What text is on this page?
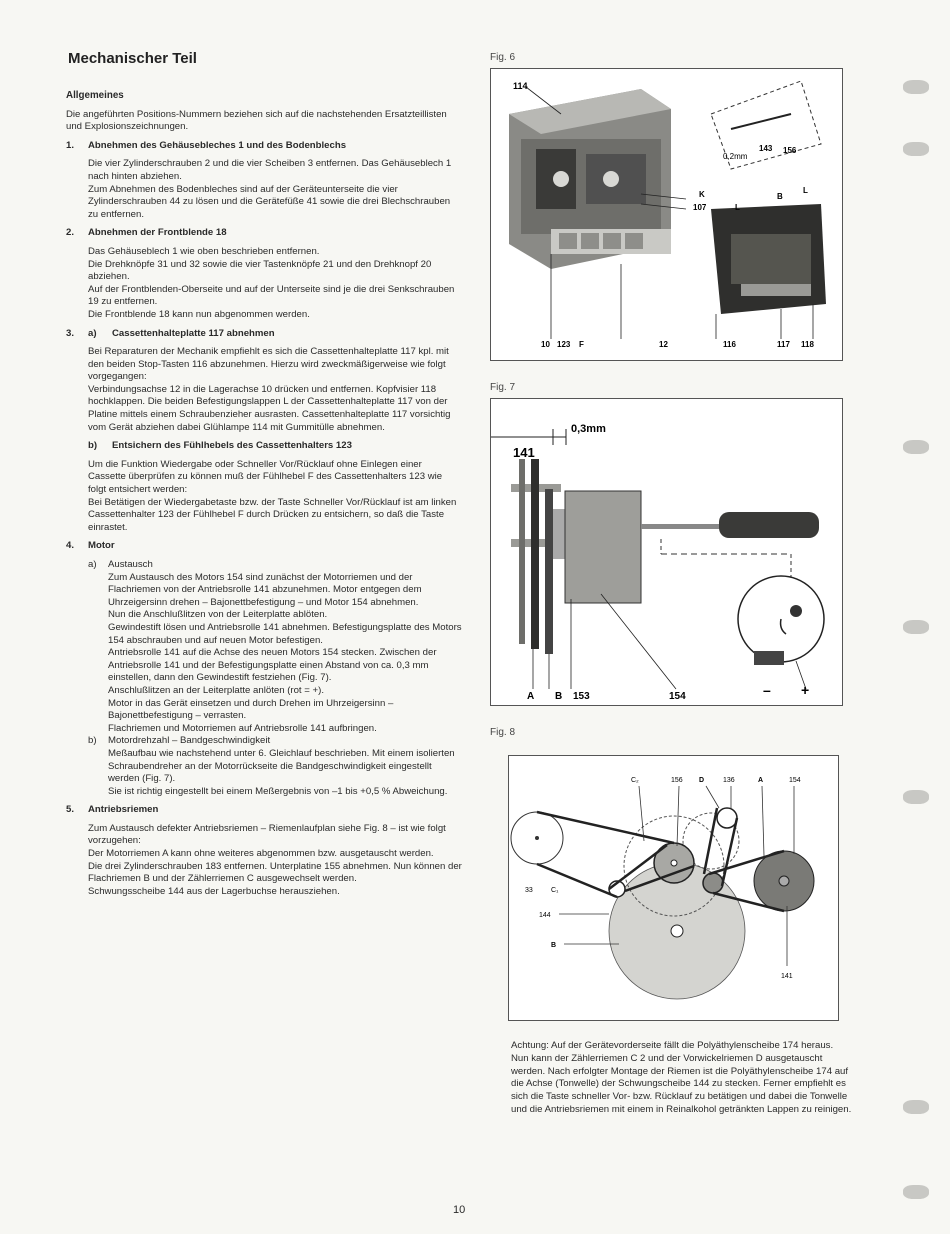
Mechanischer Teil
Allgemeines
Die angeführten Positions-Nummern beziehen sich auf die nachstehenden Ersatzteillisten und Explosionszeichnungen.
1.	Abnehmen des Gehäusebleches 1 und des Bodenblechs

Die vier Zylinderschrauben 2 und die vier Scheiben 3 entfernen. Das Gehäuseblech 1 nach hinten abziehen.

Zum Abnehmen des Bodenbleches sind auf der Geräteunterseite die vier Zylinderschrauben 44 zu lösen und die Gerätefüße 41 sowie die drei Blechschrauben zu entfernen.

2.	Abnehmen der Frontblende 18

Das Gehäuseblech 1 wie oben beschrieben entfernen.

Die Drehknöpfe 31 und 32 sowie die vier Tastenknöpfe 21 und den Drehknopf 20 abziehen.

Auf der Frontblenden-Oberseite und auf der Unterseite sind je die drei Senkschrauben 19 zu entfernen.

Die Frontblende 18 kann nun abgenommen werden.

3.	a)	Cassettenhalteplatte 117 abnehmen

Bei Reparaturen der Mechanik empfiehlt es sich die Cassettenhalteplatte 117 kpl. mit den beiden Stop-Tasten 116 abzunehmen. Hierzu wird zweckmäßigerweise wie folgt vorgegangen:

Verbindungsachse 12 in die Lagerachse 10 drücken und entfernen. Kopfvisier 118 hochklappen. Die beiden Befestigungslappen L der Cassettenhalteplatte 117 von der Platine mittels einem Schraubenzieher ausrasten. Cassettenhalteplatte 117 vorsichtig vom Gerät abziehen dabei Glühlampe 114 mit Gummitülle abnehmen.

b)	Entsichern des Fühlhebels des Cassettenhalters 123

Um die Funktion Wiedergabe oder Schneller Vor/Rücklauf ohne Einlegen einer Cassette überprüfen zu können muß der Fühlhebel F des Cassettenhalters 123 wie folgt entsichert werden:

Bei Betätigen der Wiedergabetaste bzw. der Taste Schneller Vor/Rücklauf ist am linken Cassettenhalter 123 der Fühlhebel F durch Drücken zu entsichern, so daß die Taste einrastet.

4.	Motor
a)	Austausch

Zum Austausch des Motors 154 sind zunächst der Motorriemen und der Flachriemen von der Antriebsrolle 141 abzunehmen. Motor entgegen dem Uhrzeigersinn drehen – Bajonettbefestigung – und Motor 154 abnehmen.

Nun die Anschlußlitzen von der Leiterplatte ablöten.

Gewindestift lösen und Antriebsrolle 141 abnehmen. Befestigungsplatte des Motors 154 abschrauben und auf neuen Motor befestigen.

Antriebsrolle 141 auf die Achse des neuen Motors 154 stecken. Zwischen der Antriebsrolle 141 und der Befestigungsplatte einen Abstand von ca. 0,3 mm einstellen, dann den Gewindestift festziehen (Fig. 7).

Anschlußlitzen an der Leiterplatte anlöten (rot = +).

Motor in das Gerät einsetzen und durch Drehen im Uhrzeigersinn – Bajonettbefestigung – verrasten.

Flachriemen und Motorriemen auf Antriebsrolle 141 aufbringen.

b)	Motordrehzahl – Bandgeschwindigkeit

Meßaufbau wie nachstehend unter 6. Gleichlauf beschrieben. Mit einem isolierten Schraubendreher an der Motorrückseite die Bandgeschwindigkeit eingestellt werden (Fig. 7).

Sie ist richtig eingestellt bei einem Meßergebnis von –1 bis +0,5 % Abweichung.

5.	Antriebsriemen

Zum Austausch defekter Antriebsriemen – Riemenlaufplan siehe Fig. 8 – ist wie folgt vorzugehen:

Der Motorriemen A kann ohne weiteres abgenommen bzw. ausgetauscht werden.

Die drei Zylinderschrauben 183 entfernen. Unterplatine 155 abnehmen. Nun können der Flachriemen B und der Zählerriemen C ausgewechselt werden.

Schwungsscheibe 144 aus der Lagerbuchse herausziehen.

Fig. 6
114
0,2mm
143 156
K
107	L
B
L
10 123 F	12	116	117 118
Fig. 7
0,3mm
141
A B 153	154	– +
Fig. 8
C₂	156 D	136	A	154
33	C₁
144
B
141

Achtung: Auf der Gerätevorderseite fällt die Polyäthylenscheibe 174 heraus.

Nun kann der Zählerriemen C 2 und der Vorwickelriemen D ausgetauscht werden. Nach erfolgter Montage der Riemen ist die Polyäthylenscheibe 174 auf die Achse (Tonwelle) der Schwungscheibe 144 zu stecken. Ferner empfiehlt es sich die Taste schneller Vor- bzw. Rücklauf zu betätigen und dabei die Tonwelle und die Antriebsriemen mit einem in Reinalkohol getränkten Lappen zu reinigen.

10
